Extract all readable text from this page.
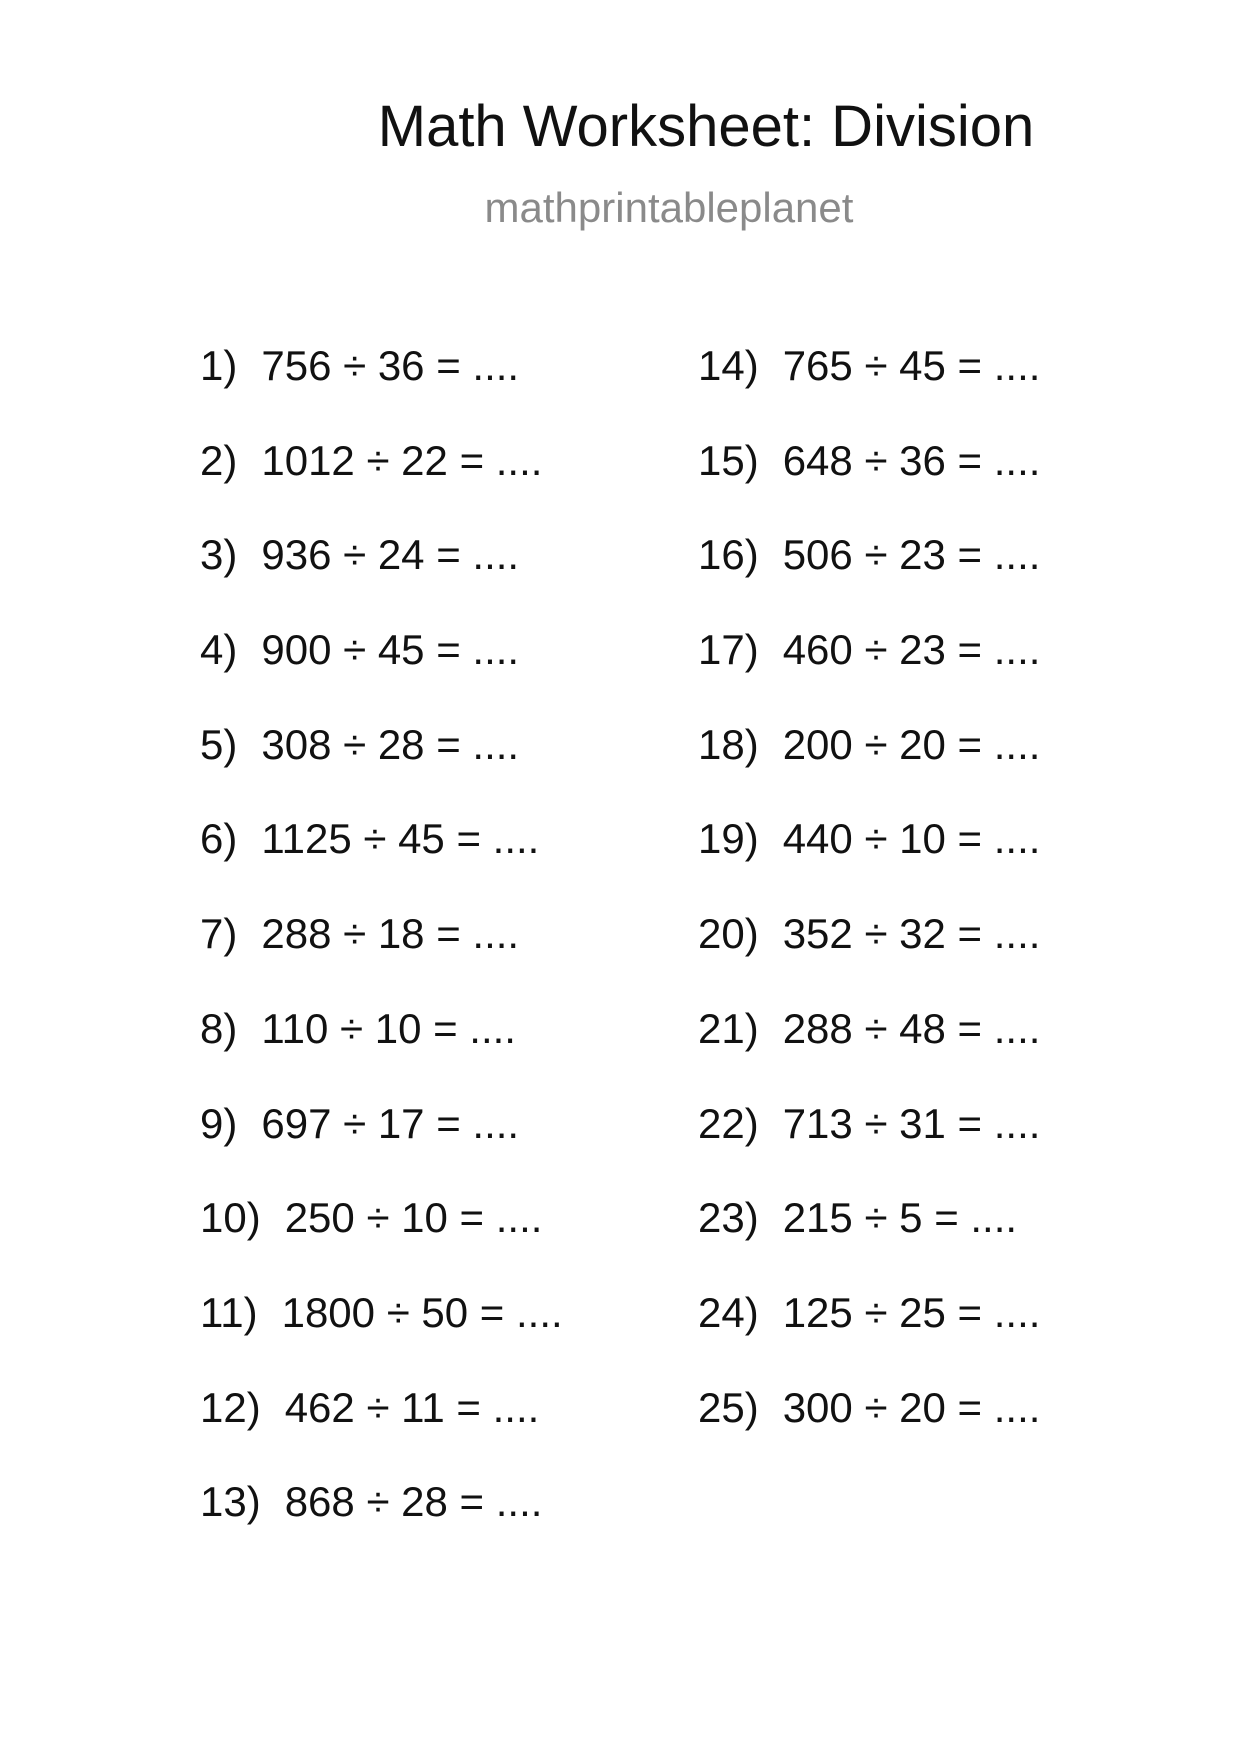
Math Worksheet: Division
mathprintableplanet
1) 756 ÷ 36 = ....
2) 1012 ÷ 22 = ....
3) 936 ÷ 24 = ....
4) 900 ÷ 45 = ....
5) 308 ÷ 28 = ....
6) 1125 ÷ 45 = ....
7) 288 ÷ 18 = ....
8) 110 ÷ 10 = ....
9) 697 ÷ 17 = ....
10) 250 ÷ 10 = ....
11) 1800 ÷ 50 = ....
12) 462 ÷ 11 = ....
13) 868 ÷ 28 = ....
14) 765 ÷ 45 = ....
15) 648 ÷ 36 = ....
16) 506 ÷ 23 = ....
17) 460 ÷ 23 = ....
18) 200 ÷ 20 = ....
19) 440 ÷ 10 = ....
20) 352 ÷ 32 = ....
21) 288 ÷ 48 = ....
22) 713 ÷ 31 = ....
23) 215 ÷ 5 = ....
24) 125 ÷ 25 = ....
25) 300 ÷ 20 = ....
